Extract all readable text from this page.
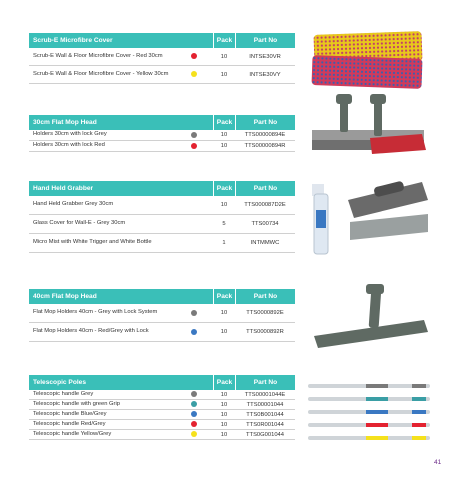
Scrub-E Microfibre Cover	Pack	Part No
Scrub-E Wall & Floor Microfibre Cover - Red 30cm	10	INTSE30VR
Scrub-E Wall & Floor Microfibre Cover - Yellow 30cm	10	INTSE30VY
30cm Flat Mop Head	Pack	Part No
Holders 30cm with lock Grey	10	TTS00000894E
Holders 30cm with lock Red	10	TTS00000894R
Hand Held Grabber	Pack	Part No
Hand Held Grabber Grey 30cm	10	TTS000087D2E
Glass Cover for Wall-E - Grey 30cm	5	TTS00734
Micro Mist with White Trigger and White Bottle	1	INTMMWC
40cm Flat Mop Head	Pack	Part No
Flat Mop Holders 40cm - Grey with Lock System	10	TTS0000892E
Flat Mop Holders 40cm - Red/Grey with Lock	10	TTS0000892R
Telescopic Poles	Pack	Part No
Telescopic handle Grey	10	TTS00001044E
Telescopic handle with green Grip	10	TTS00001044
Telescopic handle Blue/Grey	10	TTS0B001044
Telescopic handle Red/Grey	10	TTS0R001044
Telescopic handle Yellow/Grey	10	TTS0G001044
41
